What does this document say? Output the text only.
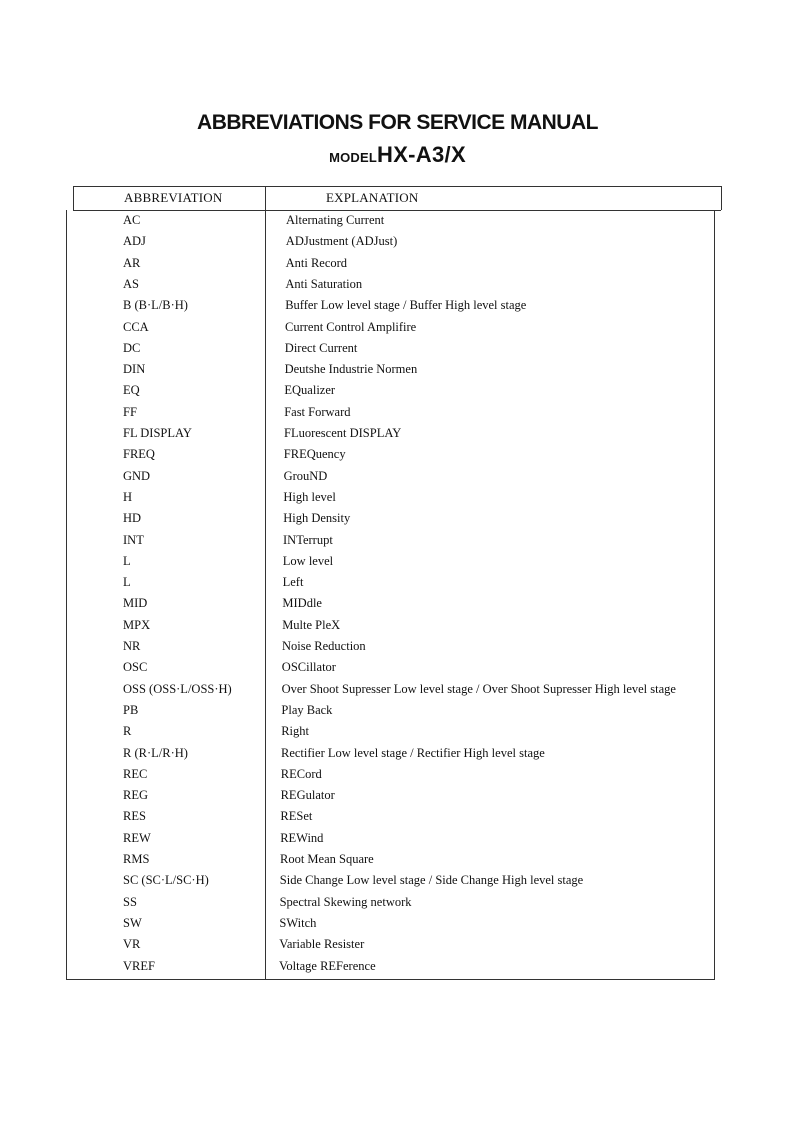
ABBREVIATIONS FOR SERVICE MANUAL
MODELHX-A3/X
ABBREVIATION	EXPLANATION
AC	Alternating Current
ADJ	ADJustment (ADJust)
AR	Anti Record
AS	Anti Saturation
B (B·L/B·H)	Buffer Low level stage / Buffer High level stage
CCA	Current Control Amplifire
DC	Direct Current
DIN	Deutshe Industrie Normen
EQ	EQualizer
FF	Fast Forward
FL DISPLAY	FLuorescent DISPLAY
FREQ	FREQuency
GND	GrouND
H	High level
HD	High Density
INT	INTerrupt
L	Low level
L	Left
MID	MIDdle
MPX	Multe PleX
NR	Noise Reduction
OSC	OSCillator
OSS (OSS·L/OSS·H)	Over Shoot Supresser Low level stage / Over Shoot Supresser High level stage
PB	Play Back
R	Right
R (R·L/R·H)	Rectifier Low level stage / Rectifier High level stage
REC	RECord
REG	REGulator
RES	RESet
REW	REWind
RMS	Root Mean Square
SC (SC·L/SC·H)	Side Change Low level stage / Side Change High level stage
SS	Spectral Skewing network
SW	SWitch
VR	Variable Resister
VREF	Voltage REFerence
